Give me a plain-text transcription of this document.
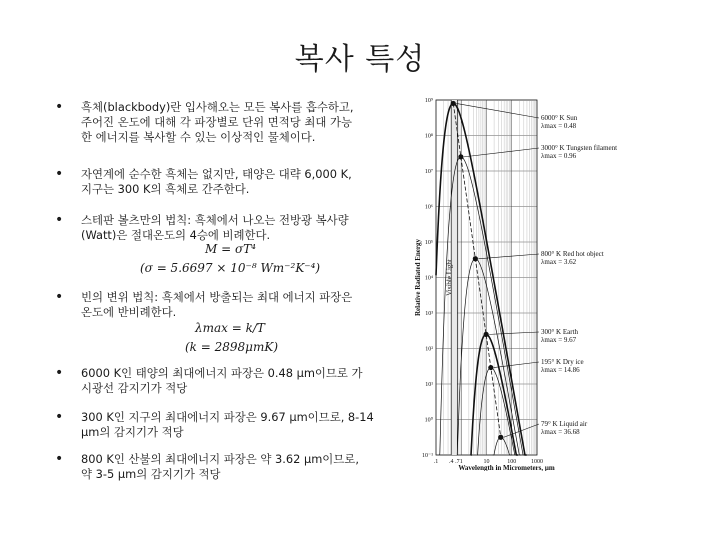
복사 특성
• 흑체(blackbody)란 입사해오는 모든 복사를 흡수하고,
주어진 온도에 대해 각 파장별로 단위 면적당 최대 가능
한 에너지를 복사할 수 있는 이상적인 물체이다.
• 자연계에 순수한 흑체는 없지만, 태양은 대략 6,000 K,
지구는 300 K의 흑체로 간주한다.
• 스테판 볼츠만의 법칙: 흑체에서 나오는 전방광 복사량
(Watt)은 절대온도의 4승에 비례한다.
M = σT⁴
(σ = 5.6697 × 10⁻⁸ Wm⁻²K⁻⁴)
• 빈의 변위 법칙: 흑체에서 방출되는 최대 에너지 파장은
온도에 반비례한다.
λmax = k/T
(k = 2898μmK)
• 6000 K인 태양의 최대에너지 파장은 0.48 μm이므로 가
시광선 감지기가 적당
• 300 K인 지구의 최대에너지 파장은 9.67 μm이므로, 8-14
μm의 감지기가 적당
• 800 K인 산불의 최대에너지 파장은 약 3.62 μm이므로,
약 3-5 μm의 감지기가 적당
Visible Light
6000° K Sun
λmax = 0.48
3000° K Tungsten filament
λmax = 0.96
800° K Red hot object
λmax = 3.62
300° K Earth
λmax = 9.67
195° K Dry ice
λmax = 14.86
79° K Liquid air
λmax = 36.68
10⁹
10⁸
10⁷
10⁶
10⁵
10⁴
10³
10²
10¹
10⁰
10⁻¹
.1 .4 .7 1	10	100 1000
Wavelength in Micrometers, μm
Relative Radiated Energy
